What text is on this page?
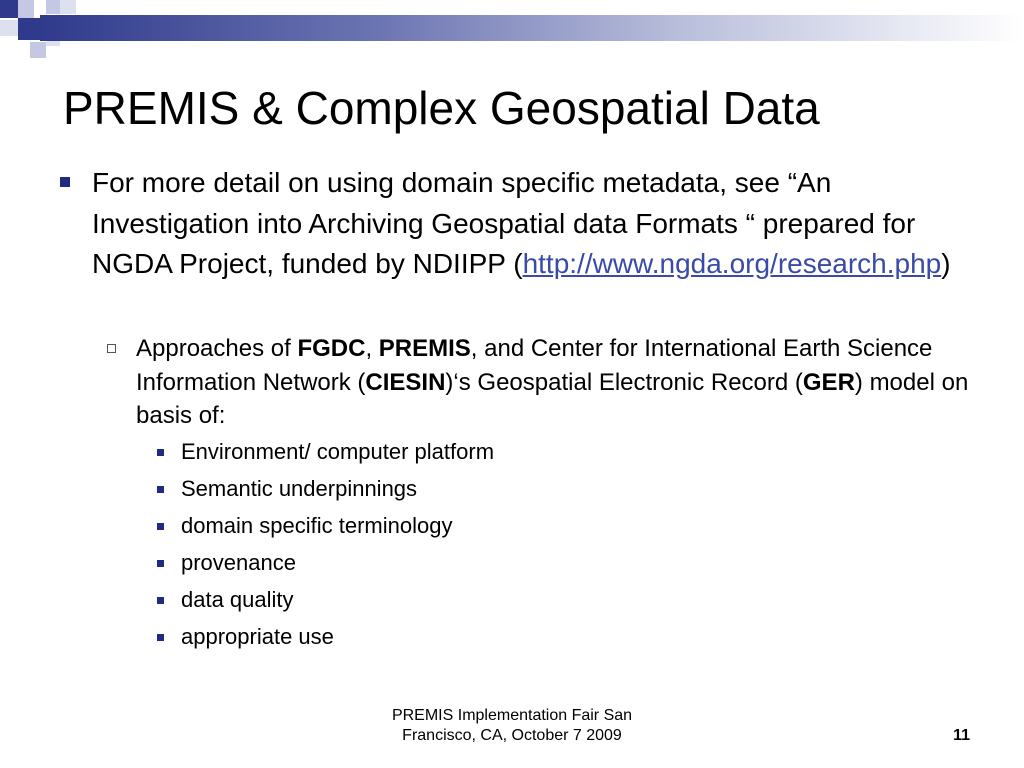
PREMIS & Complex Geospatial Data
For more detail on using domain specific metadata, see “An Investigation into Archiving Geospatial data Formats “ prepared for NGDA Project, funded by NDIIPP (http://www.ngda.org/research.php)
Approaches of FGDC, PREMIS, and Center for International Earth Science Information Network (CIESIN)‘s Geospatial Electronic Record (GER) model on basis of:
Environment/ computer platform
Semantic underpinnings
domain specific terminology
provenance
data quality
appropriate use
PREMIS Implementation Fair San
Francisco, CA, October 7 2009	11
